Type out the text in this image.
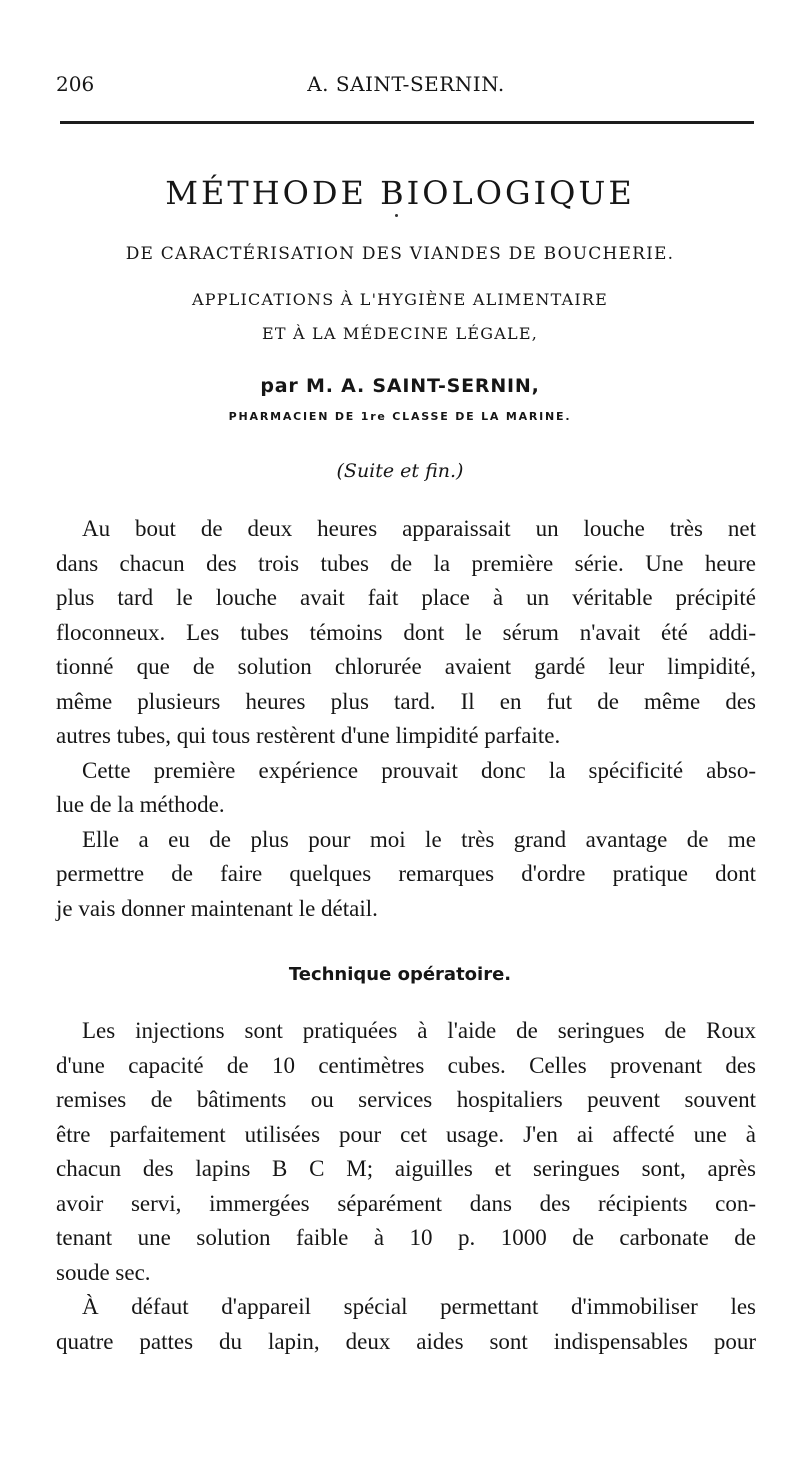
206	A. SAINT-SERNIN.
MÉTHODE BIOLOGIQUE
DE CARACTÉRISATION DES VIANDES DE BOUCHERIE.
APPLICATIONS À L'HYGIÈNE ALIMENTAIRE
ET À LA MÉDECINE LÉGALE,
par M. A. SAINT-SERNIN,
PHARMACIEN DE 1re CLASSE DE LA MARINE.
(Suite et fin.)
Au bout de deux heures apparaissait un louche très net
dans chacun des trois tubes de la première série. Une heure
plus tard le louche avait fait place à un véritable précipité
floconneux. Les tubes témoins dont le sérum n'avait été addi-
tionné que de solution chlorurée avaient gardé leur limpidité,
même plusieurs heures plus tard. Il en fut de même des
autres tubes, qui tous restèrent d'une limpidité parfaite.
Cette première expérience prouvait donc la spécificité abso-
lue de la méthode.
Elle a eu de plus pour moi le très grand avantage de me
permettre de faire quelques remarques d'ordre pratique dont
je vais donner maintenant le détail.
Technique opératoire.
Les injections sont pratiquées à l'aide de seringues de Roux
d'une capacité de 10 centimètres cubes. Celles provenant des
remises de bâtiments ou services hospitaliers peuvent souvent
être parfaitement utilisées pour cet usage. J'en ai affecté une à
chacun des lapins B C M; aiguilles et seringues sont, après
avoir servi, immergées séparément dans des récipients con-
tenant une solution faible à 10 p. 1000 de carbonate de
soude sec.
À défaut d'appareil spécial permettant d'immobiliser les
quatre pattes du lapin, deux aides sont indispensables pour
